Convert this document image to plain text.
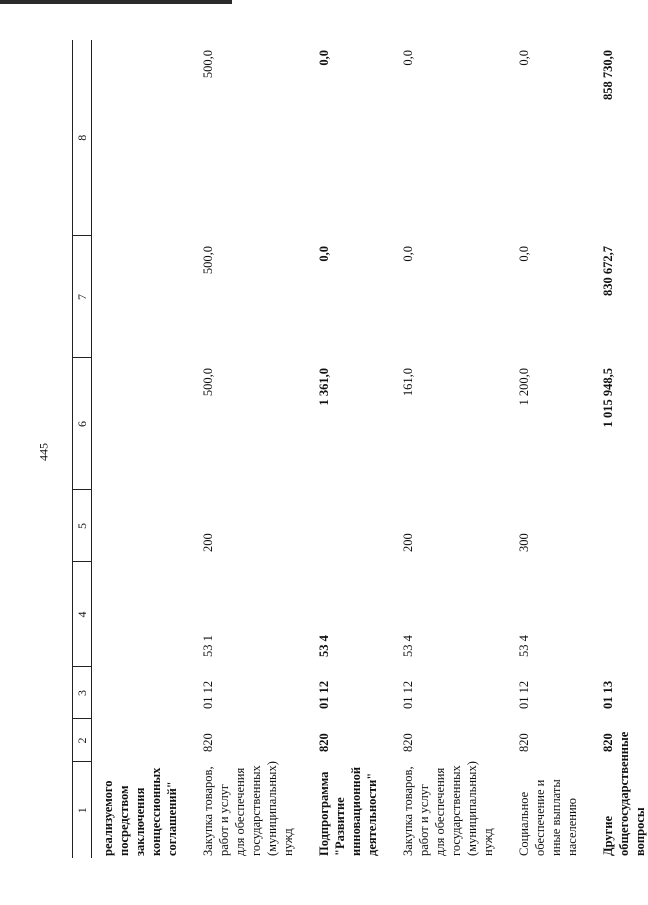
445
1	2	3	4	5	6	7	8
реализуемого посредством заключения концессионных соглашений"							
Закупка товаров, работ и услуг для обеспечения государственных (муниципальных) нужд	820	01 12	53 1	200	500,0	500,0	500,0
Подпрограмма "Развитие инновационной деятельности"	820	01 12	53 4		1 361,0	0,0	0,0
Закупка товаров, работ и услуг для обеспечения государственных (муниципальных) нужд	820	01 12	53 4	200	161,0	0,0	0,0
Социальное обеспечение и иные выплаты населению	820	01 12	53 4	300	1 200,0	0,0	0,0
Другие общегосударственные вопросы	820	01 13			1 015 948,5	830 672,7	858 730,0
